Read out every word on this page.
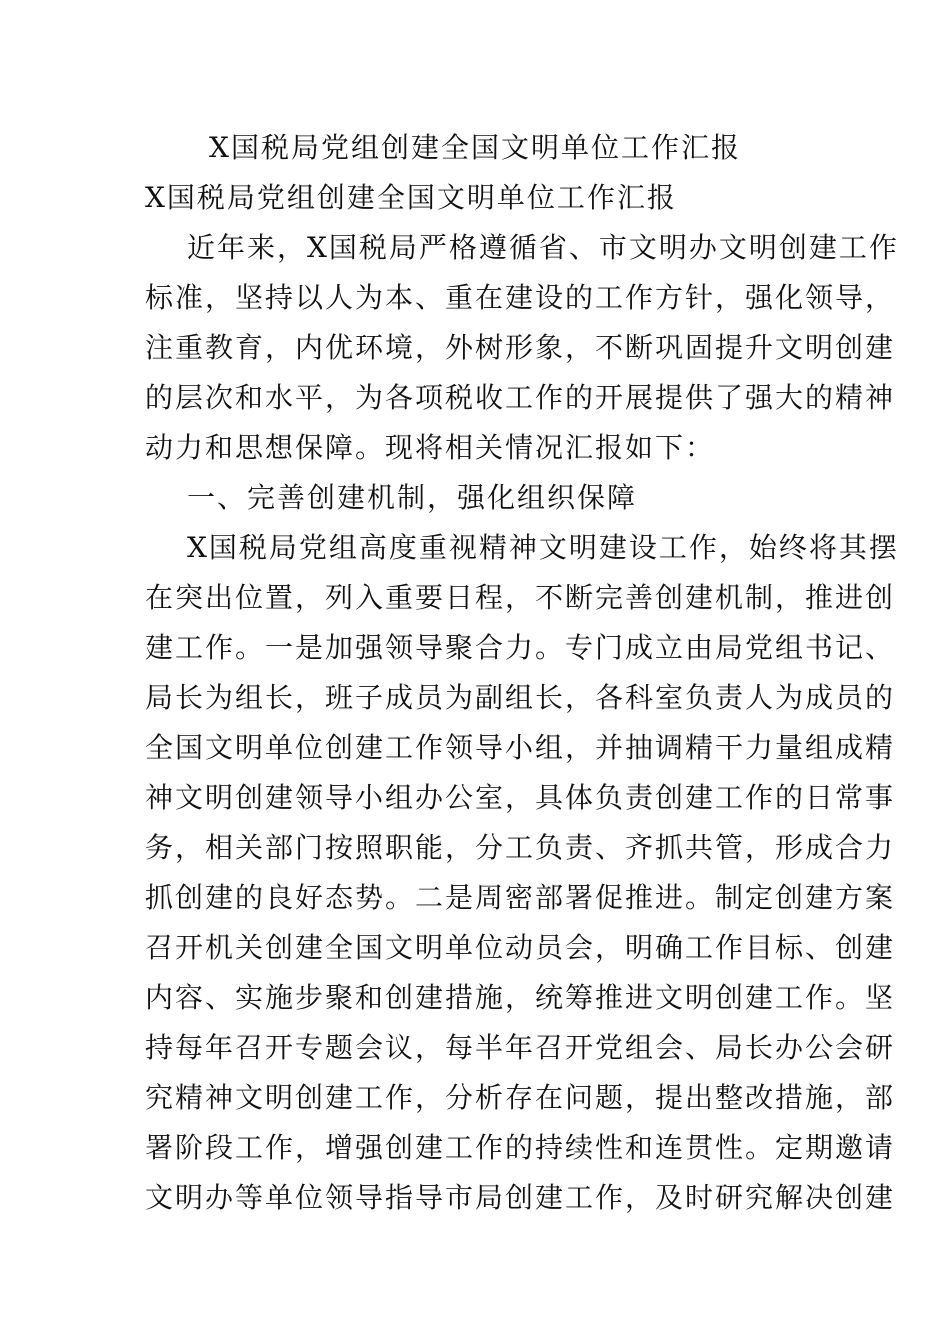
X国税局党组创建全国文明单位工作汇报
X国税局党组创建全国文明单位工作汇报
近年来，X国税局严格遵循省、市文明办文明创建工作
标准，坚持以人为本、重在建设的工作方针，强化领导，
注重教育，内优环境，外树形象，不断巩固提升文明创建
的层次和水平，为各项税收工作的开展提供了强大的精神
动力和思想保障。现将相关情况汇报如下：
一、完善创建机制，强化组织保障
X国税局党组高度重视精神文明建设工作，始终将其摆
在突出位置，列入重要日程，不断完善创建机制，推进创
建工作。一是加强领导聚合力。专门成立由局党组书记、
局长为组长，班子成员为副组长，各科室负责人为成员的
全国文明单位创建工作领导小组，并抽调精干力量组成精
神文明创建领导小组办公室，具体负责创建工作的日常事
务，相关部门按照职能，分工负责、齐抓共管，形成合力
抓创建的良好态势。二是周密部署促推进。制定创建方案
召开机关创建全国文明单位动员会，明确工作目标、创建
内容、实施步聚和创建措施，统筹推进文明创建工作。坚
持每年召开专题会议，每半年召开党组会、局长办公会研
究精神文明创建工作，分析存在问题，提出整改措施，部
署阶段工作，增强创建工作的持续性和连贯性。定期邀请
文明办等单位领导指导市局创建工作，及时研究解决创建
